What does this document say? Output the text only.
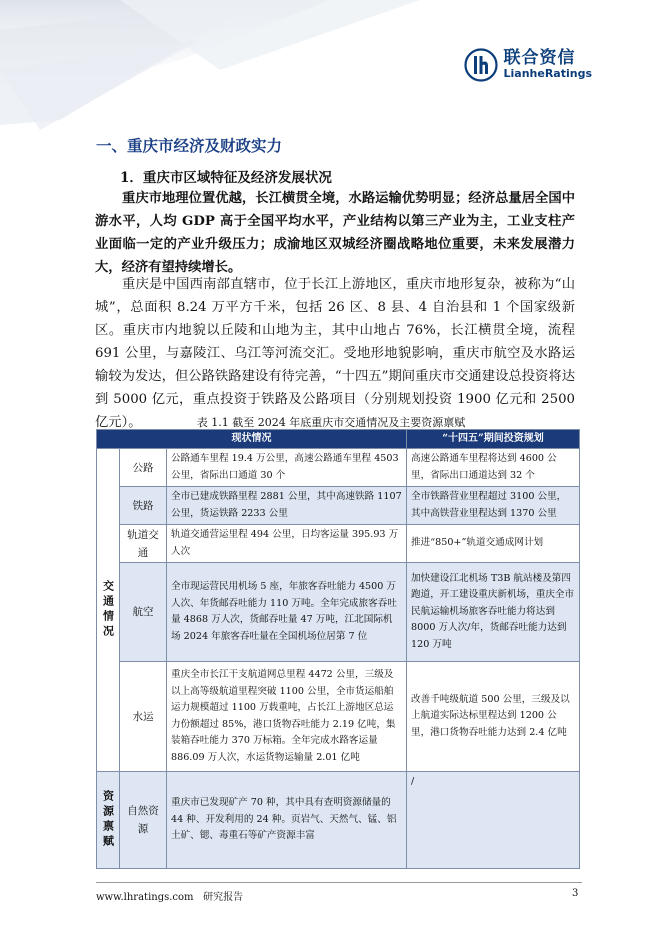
联合资信
LianheRatings
一、重庆市经济及财政实力
1．重庆市区域特征及经济发展状况

重庆市地理位置优越，长江横贯全境，水路运输优势明显；经济总量居全国中游水平，人均 GDP 高于全国平均水平，产业结构以第三产业为主，工业支柱产业面临一定的产业升级压力；成渝地区双城经济圈战略地位重要，未来发展潜力大，经济有望持续增长。

重庆是中国西南部直辖市，位于长江上游地区，重庆市地形复杂，被称为“山城”，总面积 8.24 万平方千米，包括 26 区、8 县、4 自治县和 1 个国家级新区。重庆市内地貌以丘陵和山地为主，其中山地占 76%，长江横贯全境，流程 691 公里，与嘉陵江、乌江等河流交汇。受地形地貌影响，重庆市航空及水路运输较为发达，但公路铁路建设有待完善，“十四五”期间重庆市交通建设总投资将达到 5000 亿元，重点投资于铁路及公路项目（分别规划投资 1900 亿元和 2500 亿元）。	表 1.1 截至 2024 年底重庆市交通情况及主要资源禀赋
现状情况			“十四五”期间投资规划
交通情况	公路	公路通车里程 19.4 万公里，高速公路通车里程 4503 公里，省际出口通道 30 个	高速公路通车里程将达到 4600 公里，省际出口通道达到 32 个
	铁路	全市已建成铁路里程 2881 公里，其中高速铁路 1107 公里，货运铁路 2233 公里	全市铁路营业里程超过 3100 公里，其中高铁营业里程达到 1370 公里
	轨道交通	轨道交通营运里程 494 公里，日均客运量 395.93 万人次	推进“850+”轨道交通成网计划
	航空	全市现运营民用机场 5 座，年旅客吞吐能力 4500 万人次、年货邮吞吐能力 110 万吨。全年完成旅客吞吐量 4868 万人次，货邮吞吐量 47 万吨，江北国际机场 2024 年旅客吞吐量在全国机场位居第 7 位	加快建设江北机场 T3B 航站楼及第四跑道，开工建设重庆新机场，重庆全市民航运输机场旅客吞吐能力将达到 8000 万人次/年，货邮吞吐能力达到 120 万吨
	水运	重庆全市长江干支航道网总里程 4472 公里，三级及以上高等级航道里程突破 1100 公里，全市货运船舶运力规模超过 1100 万载重吨，占长江上游地区总运力份额超过 85%，港口货物吞吐能力 2.19 亿吨，集装箱吞吐能力 370 万标箱。全年完成水路客运量 886.09 万人次，水运货物运输量 2.01 亿吨	改善千吨级航道 500 公里，三级及以上航道实际达标里程达到 1200 公里，港口货物吞吐能力达到 2.4 亿吨
资源禀赋	自然资源	重庆市已发现矿产 70 种，其中具有查明资源储量的 44 种、开发利用的 24 种。页岩气、天然气、锰、铝土矿、锶、毒重石等矿产资源丰富	/
www.lhratings.com 研究报告	3
